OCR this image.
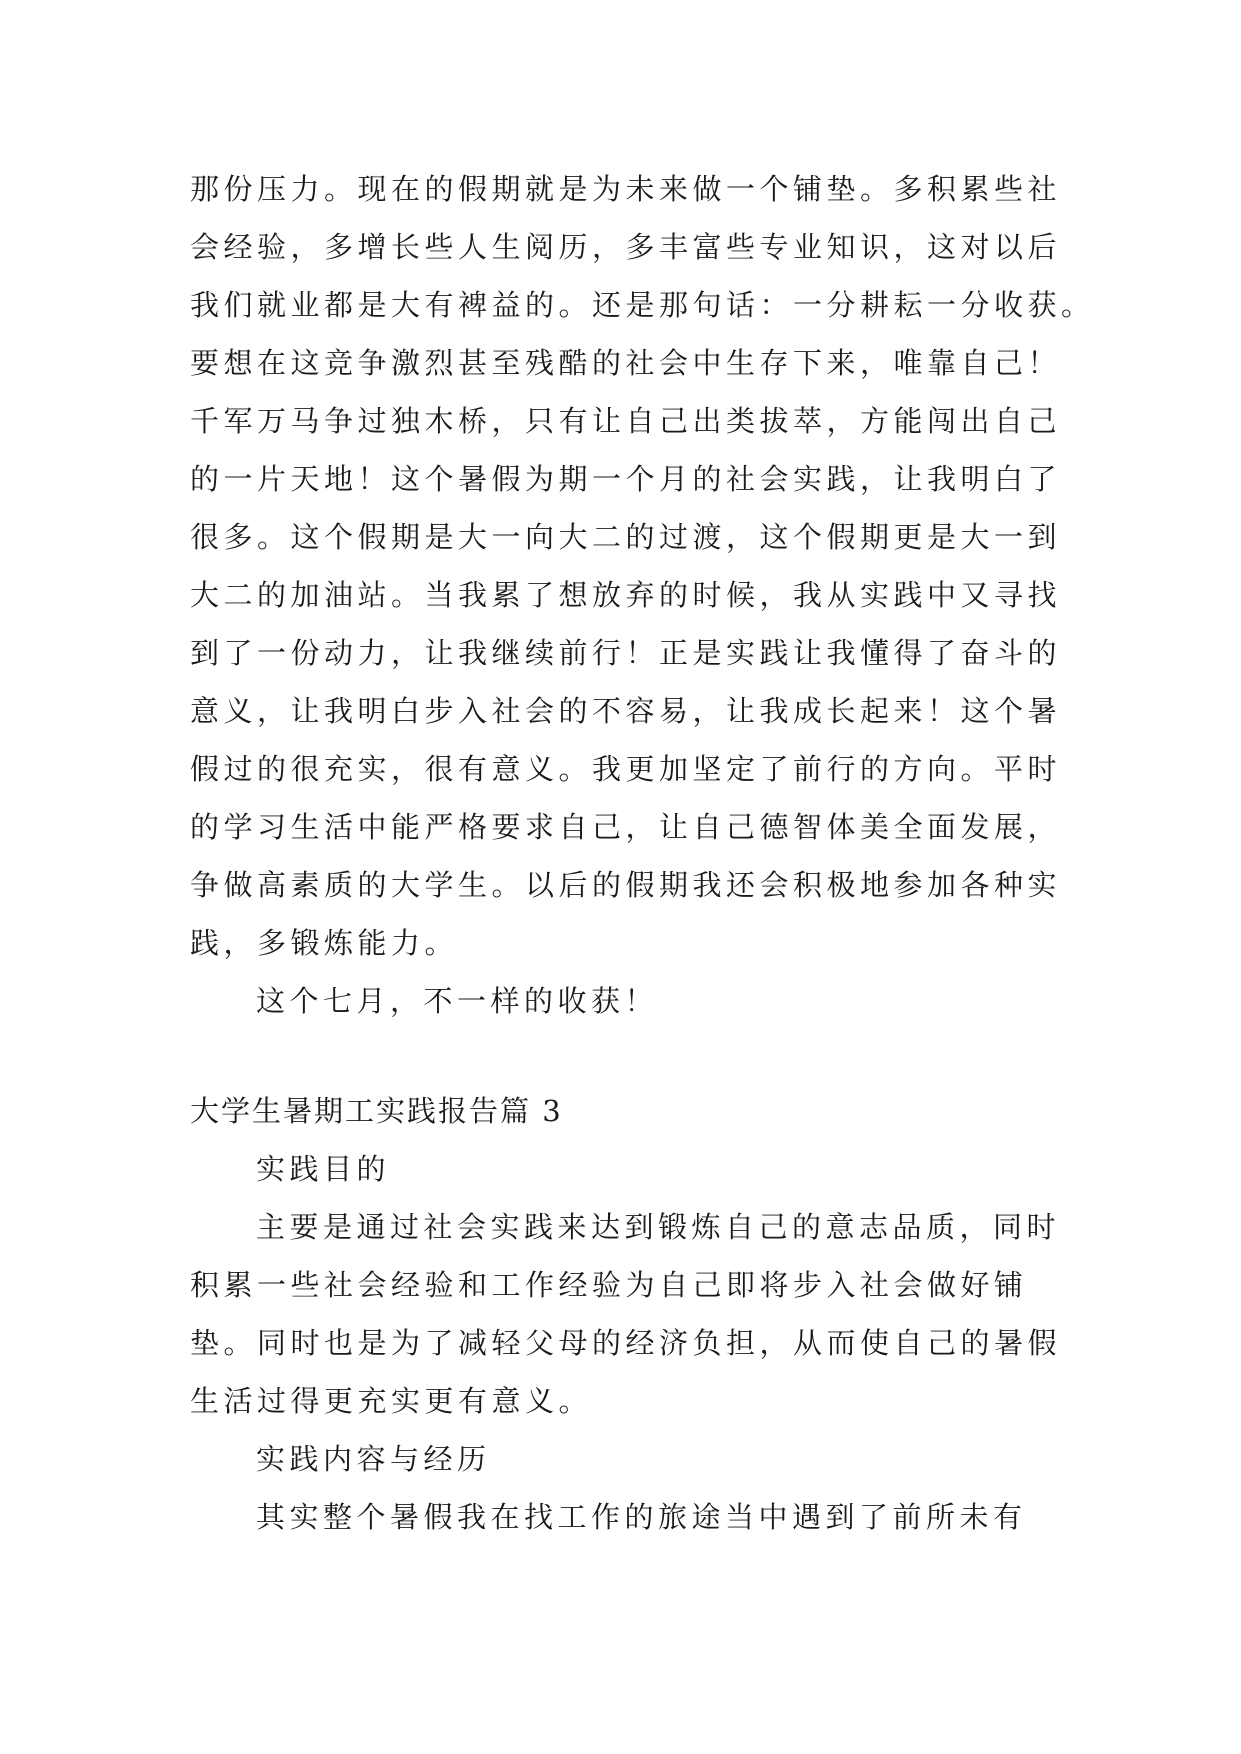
那份压力。现在的假期就是为未来做一个铺垫。多积累些社
会经验，多增长些人生阅历，多丰富些专业知识，这对以后
我们就业都是大有裨益的。还是那句话：一分耕耘一分收获。
要想在这竞争激烈甚至残酷的社会中生存下来，唯靠自己！
千军万马争过独木桥，只有让自己出类拔萃，方能闯出自己
的一片天地！这个暑假为期一个月的社会实践，让我明白了
很多。这个假期是大一向大二的过渡，这个假期更是大一到
大二的加油站。当我累了想放弃的时候，我从实践中又寻找
到了一份动力，让我继续前行！正是实践让我懂得了奋斗的
意义，让我明白步入社会的不容易，让我成长起来！这个暑
假过的很充实，很有意义。我更加坚定了前行的方向。平时
的学习生活中能严格要求自己，让自己德智体美全面发展，
争做高素质的大学生。以后的假期我还会积极地参加各种实
践，多锻炼能力。
这个七月，不一样的收获！
大学生暑期工实践报告篇 3
实践目的
主要是通过社会实践来达到锻炼自己的意志品质，同时
积累一些社会经验和工作经验为自己即将步入社会做好铺
垫。同时也是为了减轻父母的经济负担，从而使自己的暑假
生活过得更充实更有意义。
实践内容与经历
其实整个暑假我在找工作的旅途当中遇到了前所未有
